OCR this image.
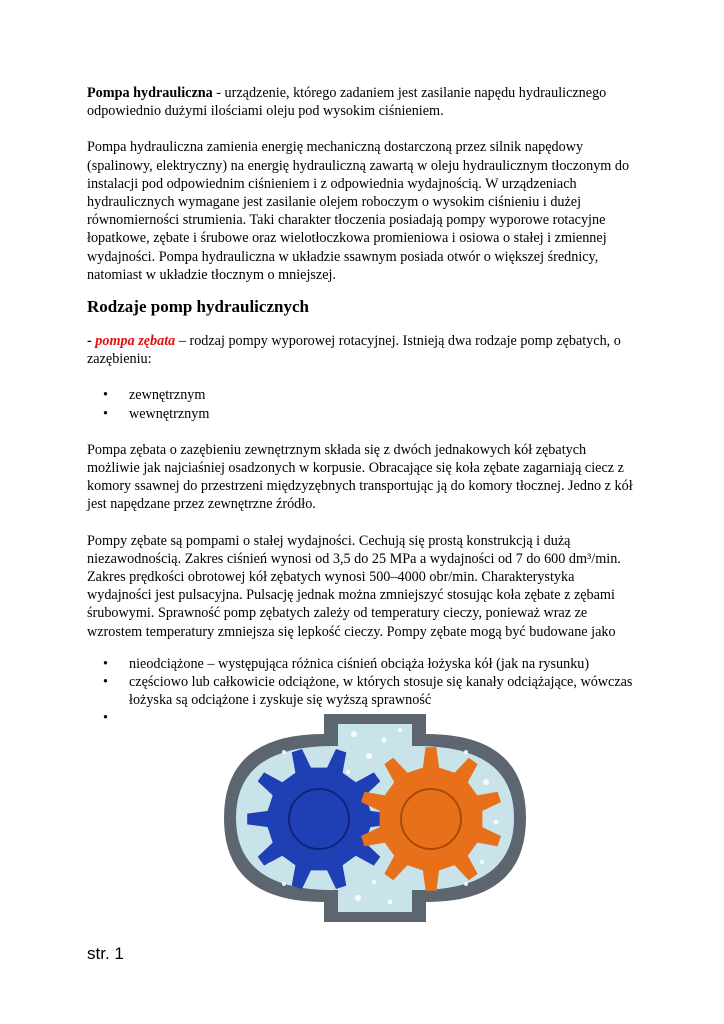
Pompa hydrauliczna - urządzenie, którego zadaniem jest zasilanie napędu hydraulicznego odpowiednio dużymi ilościami oleju pod wysokim ciśnieniem.

Pompa hydrauliczna zamienia energię mechaniczną dostarczoną przez silnik napędowy (spalinowy, elektryczny) na energię hydrauliczną zawartą w oleju hydraulicznym tłoczonym do instalacji pod odpowiednim ciśnieniem i z odpowiednia wydajnością. W urządzeniach hydraulicznych wymagane jest zasilanie olejem roboczym o wysokim ciśnieniu i dużej równomierności strumienia. Taki charakter tłoczenia posiadają pompy wyporowe rotacyjne łopatkowe, zębate i śrubowe oraz wielotłoczkowa promieniowa i osiowa o stałej i zmiennej wydajności. Pompa hydrauliczna w układzie ssawnym posiada otwór o większej średnicy, natomiast w układzie tłocznym o mniejszej.

Rodzaje pomp hydraulicznych

- pompa zębata – rodzaj pompy wyporowej rotacyjnej. Istnieją dwa rodzaje pomp zębatych, o zazębieniu:

• zewnętrznym
• wewnętrznym

Pompa zębata o zazębieniu zewnętrznym składa się z dwóch jednakowych kół zębatych możliwie jak najciaśniej osadzonych w korpusie. Obracające się koła zębate zagarniają ciecz z komory ssawnej do przestrzeni międzyzębnych transportując ją do komory tłocznej. Jedno z kół jest napędzane przez zewnętrzne źródło.

Pompy zębate są pompami o stałej wydajności. Cechują się prostą konstrukcją i dużą niezawodnością. Zakres ciśnień wynosi od 3,5 do 25 MPa a wydajności od 7 do 600 dm³/min. Zakres prędkości obrotowej kół zębatych wynosi 500–4000 obr/min. Charakterystyka wydajności jest pulsacyjna. Pulsację jednak można zmniejszyć stosując koła zębate z zębami śrubowymi. Sprawność pomp zębatych zależy od temperatury cieczy, ponieważ wraz ze wzrostem temperatury zmniejsza się lepkość cieczy. Pompy zębate mogą być budowane jako

• nieodciążone – występująca różnica ciśnień obciąża łożyska kół (jak na rysunku)
• częściowo lub całkowicie odciążone, w których stosuje się kanały odciążające, wówczas łożyska są odciążone i zyskuje się wyższą sprawność
•
str. 1
